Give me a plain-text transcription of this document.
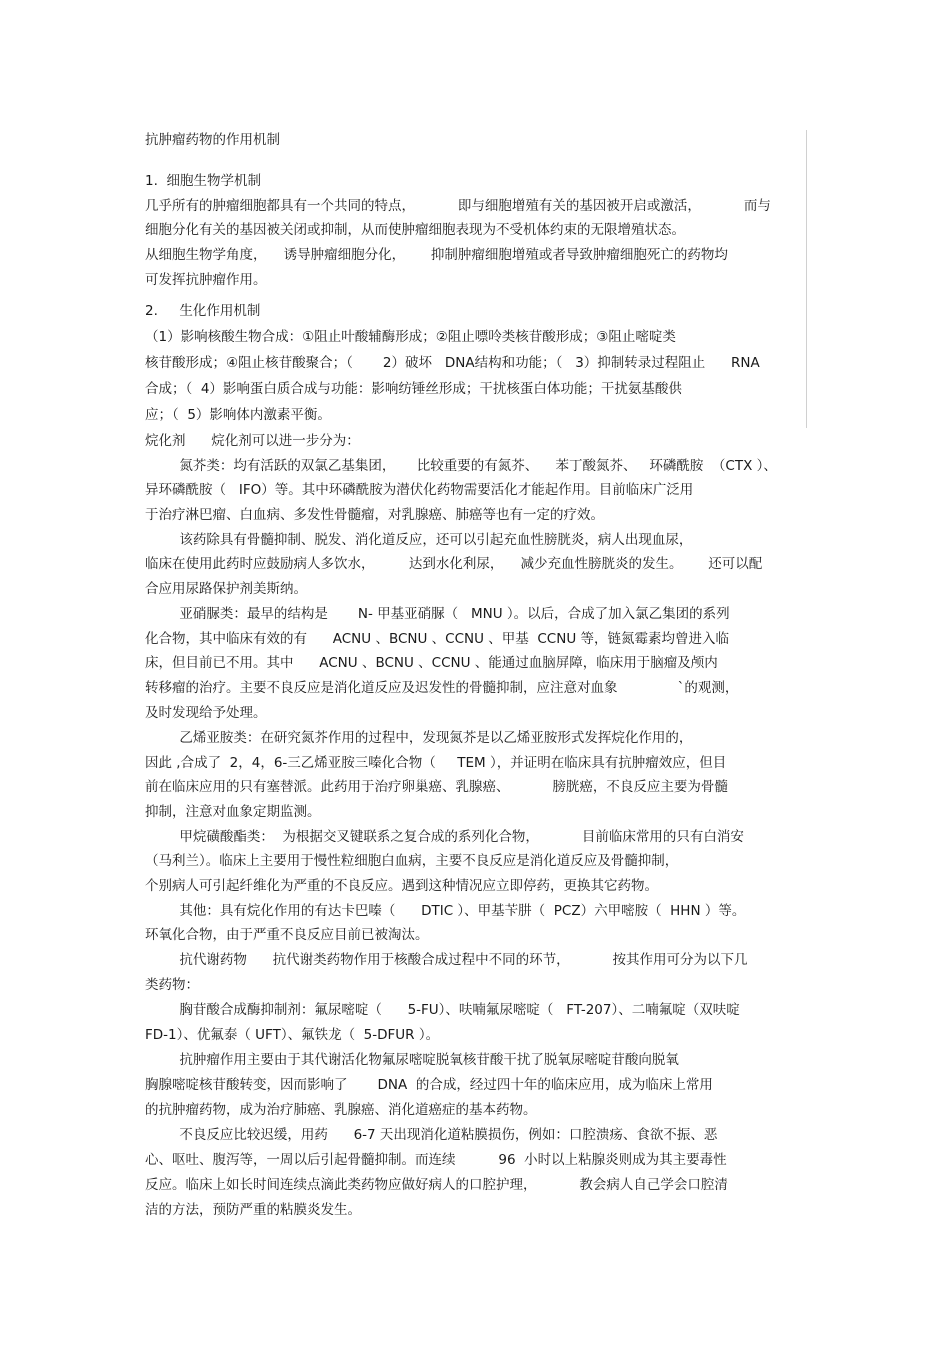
抗肿瘤药物的作用机制
1.  细胞生物学机制
几乎所有的肿瘤细胞都具有一个共同的特点，          即与细胞增殖有关的基因被开启或激活，          而与
细胞分化有关的基因被关闭或抑制，从而使肿瘤细胞表现为不受机体约束的无限增殖状态。
从细胞生物学角度，    诱导肿瘤细胞分化，      抑制肿瘤细胞增殖或者导致肿瘤细胞死亡的药物均
可发挥抗肿瘤作用。
2.     生化作用机制
（1）影响核酸生物合成：①阻止叶酸辅酶形成；②阻止嘌呤类核苷酸形成；③阻止嘧啶类
核苷酸形成；④阻止核苷酸聚合；（       2）破坏   DNA结构和功能；（   3）抑制转录过程阻止      RNA
合成；（  4）影响蛋白质合成与功能：影响纺锤丝形成；干扰核蛋白体功能；干扰氨基酸供
应；（  5）影响体内激素平衡。
烷化剂      烷化剂可以进一步分为：
氮芥类：均有活跃的双氯乙基集团，     比较重要的有氮芥、    苯丁酸氮芥、   环磷酰胺  （CTX ）、
异环磷酰胺（   IFO）等。其中环磷酰胺为潜伏化药物需要活化才能起作用。目前临床广泛用
于治疗淋巴瘤、白血病、多发性骨髓瘤，对乳腺癌、肺癌等也有一定的疗效。
该药除具有骨髓抑制、脱发、消化道反应，还可以引起充血性膀胱炎，病人出现血尿，
临床在使用此药时应鼓励病人多饮水，        达到水化利尿，    减少充血性膀胱炎的发生。      还可以配
合应用尿路保护剂美斯纳。
亚硝脲类：最早的结构是       N- 甲基亚硝脲（   MNU ）。以后，合成了加入氯乙集团的系列
化合物，其中临床有效的有      ACNU 、BCNU 、CCNU 、甲基  CCNU 等，链氮霉素均曾进入临
床，但目前已不用。其中      ACNU 、BCNU 、CCNU 、能通过血脑屏障，临床用于脑瘤及颅内
转移瘤的治疗。主要不良反应是消化道反应及迟发性的骨髓抑制，应注意对血象              `的观测，
及时发现给予处理。
乙烯亚胺类：在研究氮芥作用的过程中，发现氮芥是以乙烯亚胺形式发挥烷化作用的，
因此 ,合成了  2，4，6-三乙烯亚胺三嗪化合物（     TEM ），并证明在临床具有抗肿瘤效应，但目
前在临床应用的只有塞替派。此药用于治疗卵巢癌、乳腺癌、          膀胱癌，不良反应主要为骨髓
抑制，注意对血象定期监测。
甲烷磺酸酯类：  为根据交叉键联系之复合成的系列化合物，          目前临床常用的只有白消安
（马利兰）。临床上主要用于慢性粒细胞白血病，主要不良反应是消化道反应及骨髓抑制，
个别病人可引起纤维化为严重的不良反应。遇到这种情况应立即停药，更换其它药物。
其他：具有烷化作用的有达卡巴嗪（      DTIC ）、甲基苄肼（  PCZ）六甲嘧胺（  HHN ）等。
环氧化合物，由于严重不良反应目前已被淘汰。
抗代谢药物      抗代谢类药物作用于核酸合成过程中不同的环节，          按其作用可分为以下几
类药物：
胸苷酸合成酶抑制剂：氟尿嘧啶（      5-FU）、呋喃氟尿嘧啶（   FT-207）、二喃氟啶（双呋啶
FD-1）、优氟泰（ UFT）、氟铁龙（  5-DFUR ）。
抗肿瘤作用主要由于其代谢活化物氟尿嘧啶脱氧核苷酸干扰了脱氧尿嘧啶苷酸向脱氧
胸腺嘧啶核苷酸转变，因而影响了       DNA  的合成，经过四十年的临床应用，成为临床上常用
的抗肿瘤药物，成为治疗肺癌、乳腺癌、消化道癌症的基本药物。
不良反应比较迟缓，用药      6-7 天出现消化道粘膜损伤，例如：口腔溃疡、食欲不振、恶
心、呕吐、腹泻等，一周以后引起骨髓抑制。而连续          96  小时以上粘腺炎则成为其主要毒性
反应。临床上如长时间连续点滴此类药物应做好病人的口腔护理，          教会病人自己学会口腔清
洁的方法，预防严重的粘膜炎发生。
